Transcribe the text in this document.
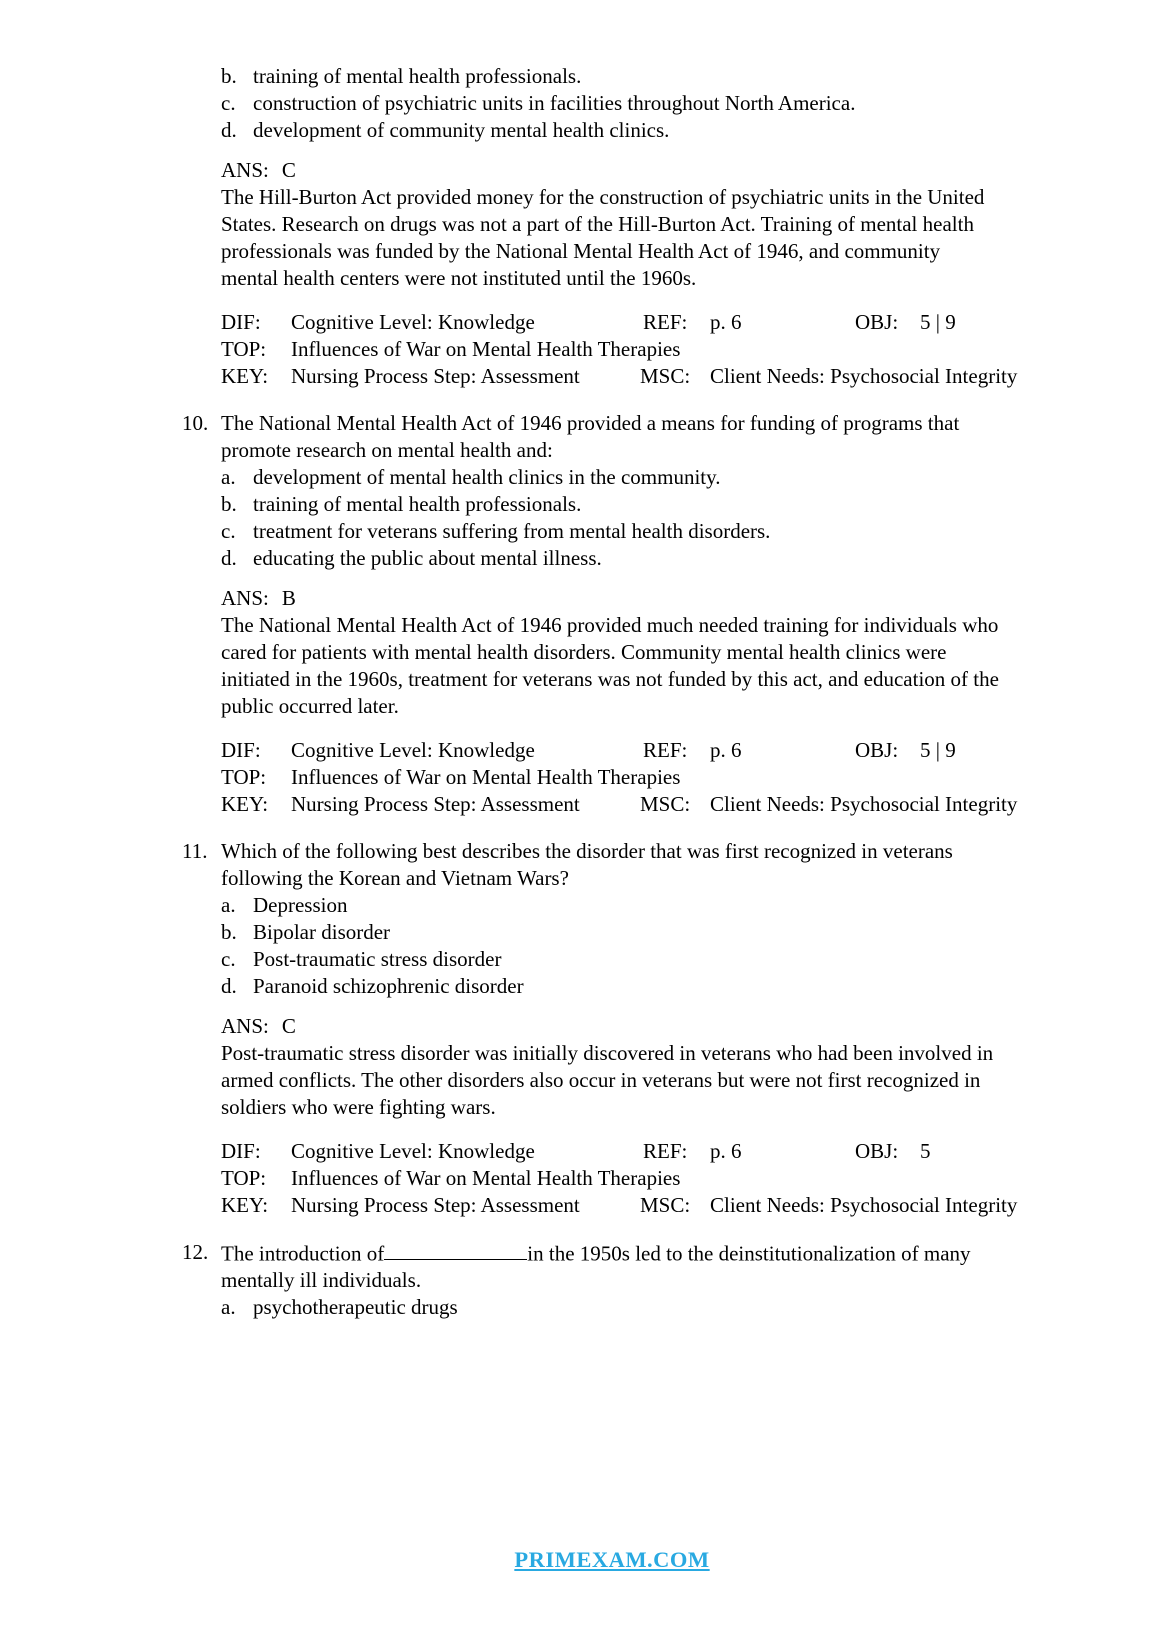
b. training of mental health professionals.
c. construction of psychiatric units in facilities throughout North America.
d. development of community mental health clinics.
ANS: C
The Hill-Burton Act provided money for the construction of psychiatric units in the United
States. Research on drugs was not a part of the Hill-Burton Act. Training of mental health
professionals was funded by the National Mental Health Act of 1946, and community
mental health centers were not instituted until the 1960s.
DIF:	Cognitive Level: Knowledge	REF:	p. 6	OBJ:	5 | 9
TOP:	Influences of War on Mental Health Therapies
KEY:	Nursing Process Step: Assessment	MSC: Client Needs: Psychosocial Integrity
10. The National Mental Health Act of 1946 provided a means for funding of programs that
promote research on mental health and:
a. development of mental health clinics in the community.
b. training of mental health professionals.
c. treatment for veterans suffering from mental health disorders.
d. educating the public about mental illness.
ANS: B
The National Mental Health Act of 1946 provided much needed training for individuals who
cared for patients with mental health disorders. Community mental health clinics were
initiated in the 1960s, treatment for veterans was not funded by this act, and education of the
public occurred later.
DIF:	Cognitive Level: Knowledge	REF:	p. 6	OBJ:	5 | 9
TOP:	Influences of War on Mental Health Therapies
KEY:	Nursing Process Step: Assessment	MSC: Client Needs: Psychosocial Integrity
11. Which of the following best describes the disorder that was first recognized in veterans
following the Korean and Vietnam Wars?
a. Depression
b. Bipolar disorder
c. Post-traumatic stress disorder
d. Paranoid schizophrenic disorder
ANS: C
Post-traumatic stress disorder was initially discovered in veterans who had been involved in
armed conflicts. The other disorders also occur in veterans but were not first recognized in
soldiers who were fighting wars.
DIF:	Cognitive Level: Knowledge	REF:	p. 6	OBJ:	5
TOP:	Influences of War on Mental Health Therapies
KEY:	Nursing Process Step: Assessment	MSC: Client Needs: Psychosocial Integrity
12. The introduction of	in the 1950s led to the deinstitutionalization of many
mentally ill individuals.
a. psychotherapeutic drugs
PRIMEXAM.COM
